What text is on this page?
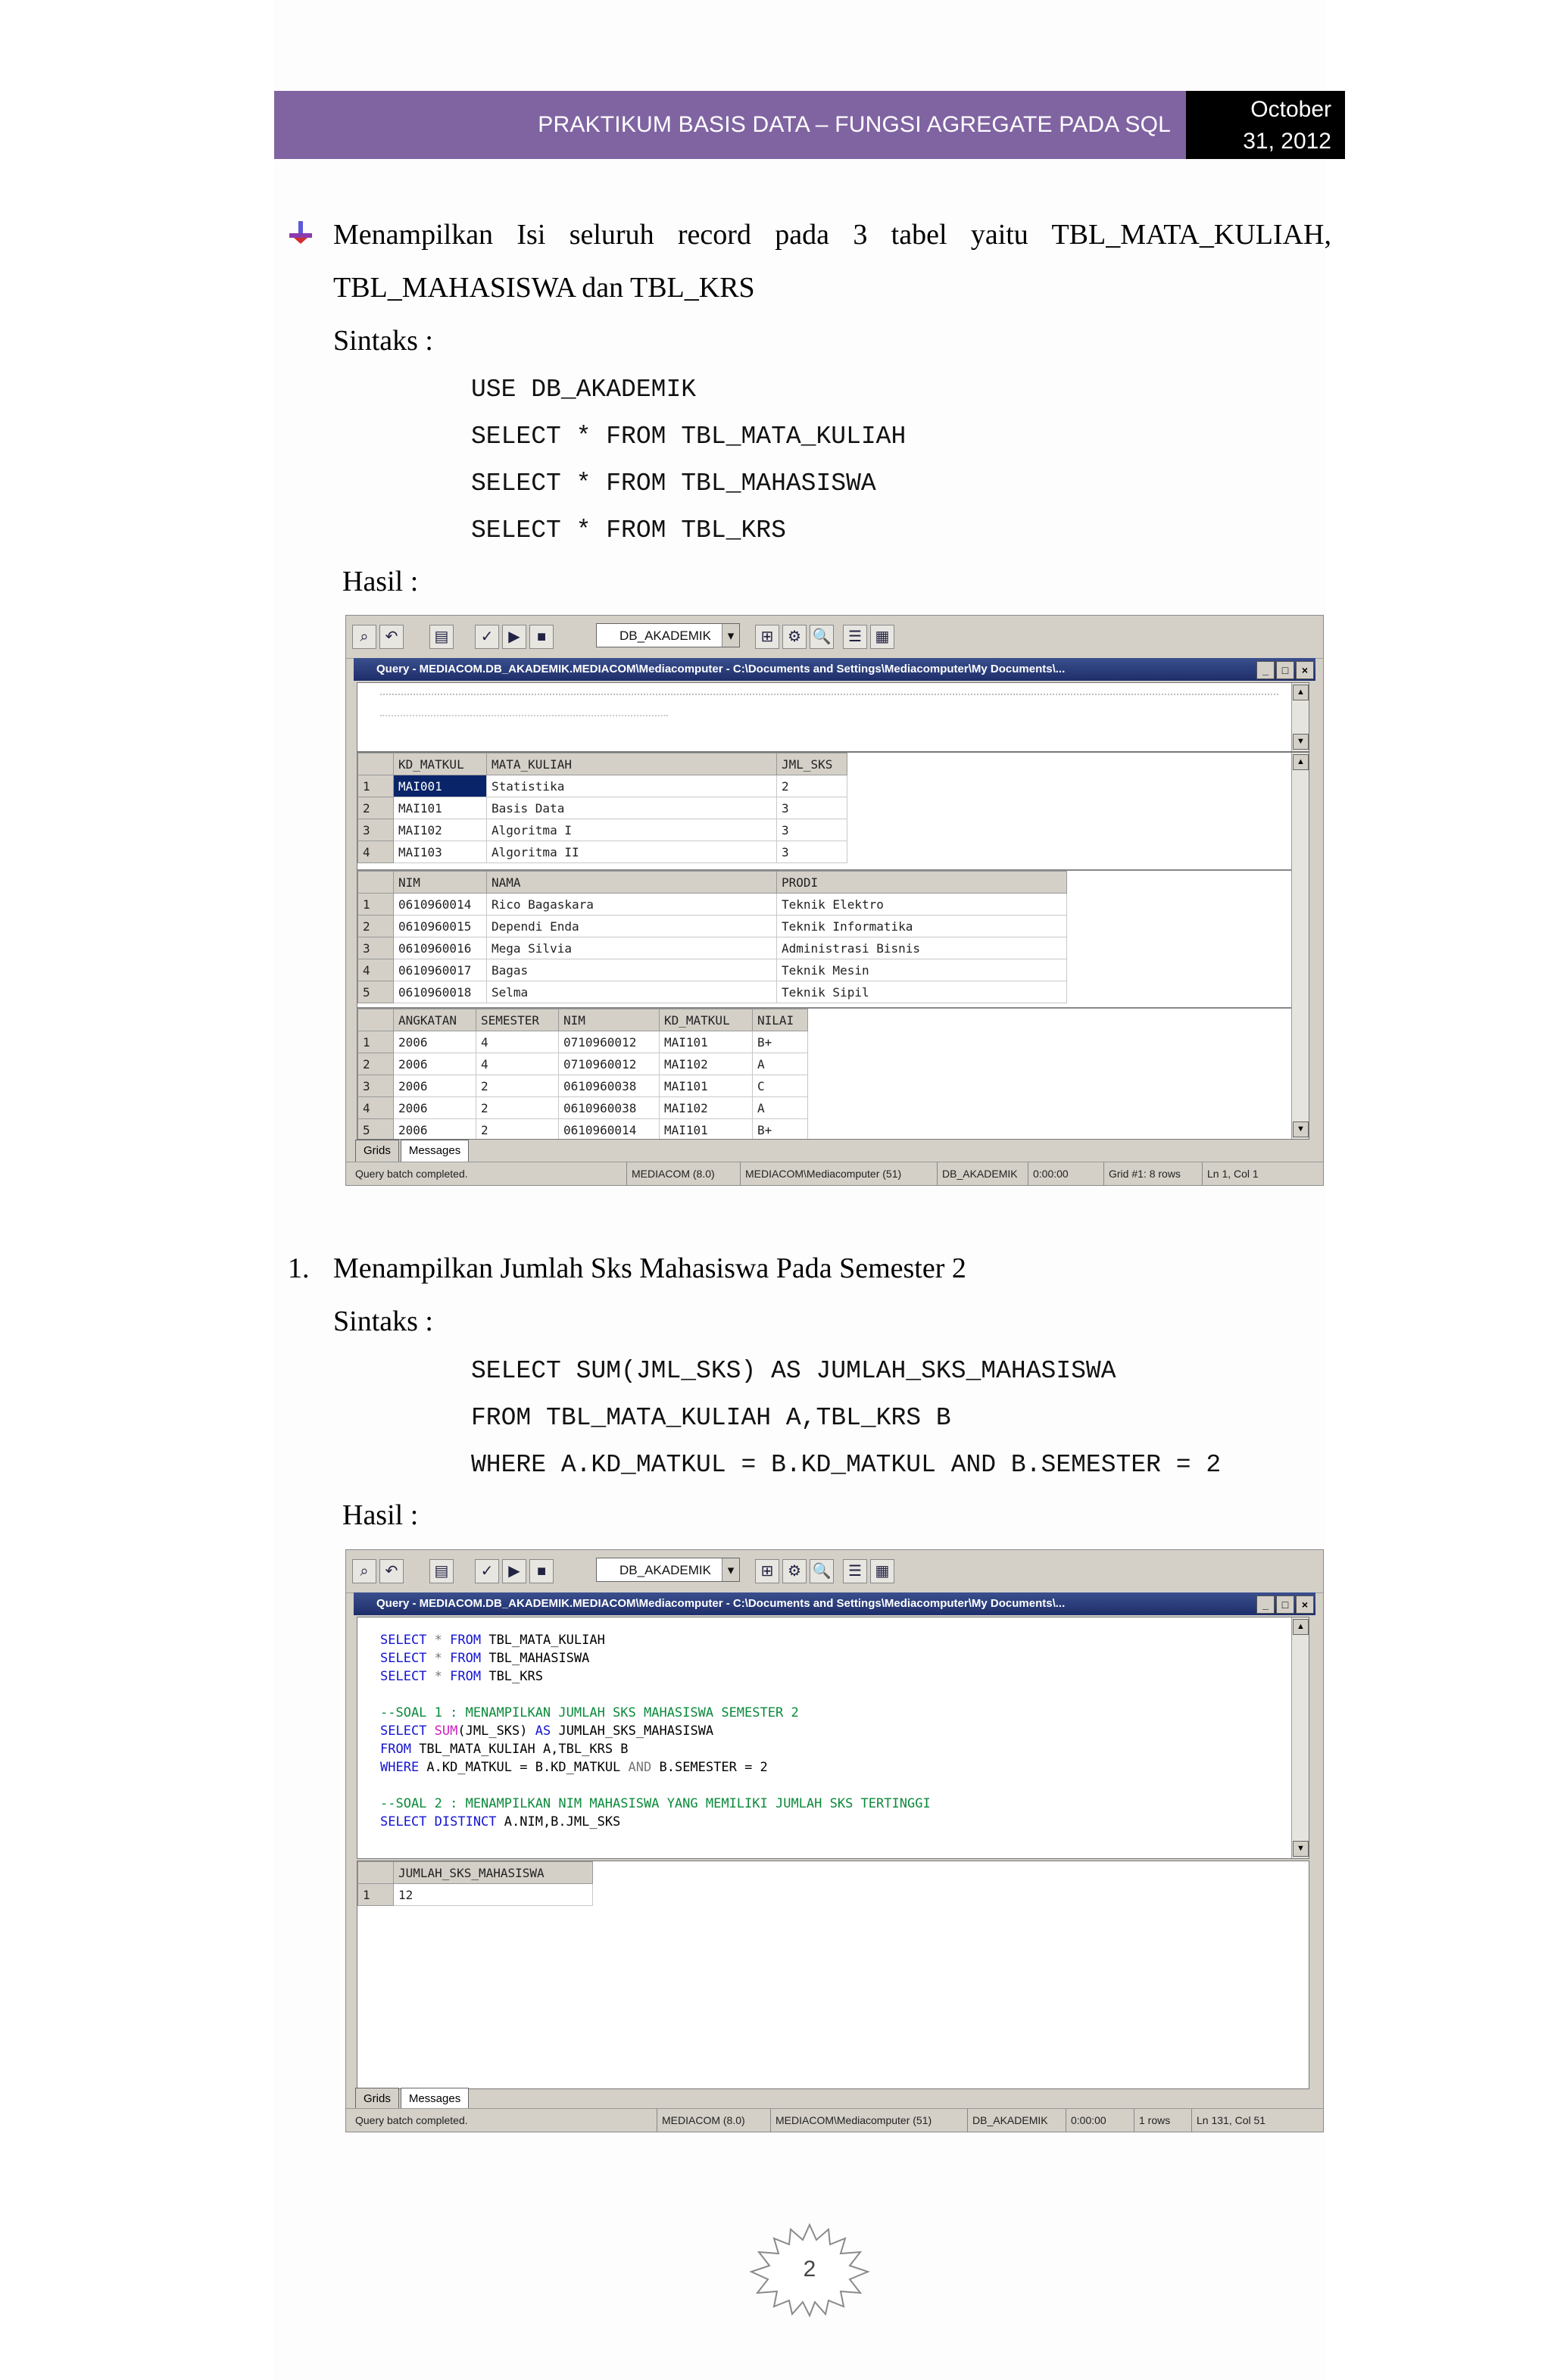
PRAKTIKUM BASIS DATA – FUNGSI AGREGATE PADA SQL
October
31, 2012
Menampilkan Isi seluruh record pada 3 tabel yaitu TBL_MATA_KULIAH,
TBL_MAHASISWA dan TBL_KRS
Sintaks :
USE DB_AKADEMIK
SELECT * FROM TBL_MATA_KULIAH
SELECT * FROM TBL_MAHASISWA
SELECT * FROM TBL_KRS
Hasil :
⌕	↶	▤	✓ ▶	■	DB_AKADEMIK ▾	⊞ ⚙ 🔍	☰ ▦
Query - MEDIACOM.DB_AKADEMIK.MEDIACOM\Mediacomputer - C:\Documents and Settings\Mediacomputer\My Documents\...	_	□	×
▲
▼
	KD_MATKUL	MATA_KULIAH	JML_SKS
1	MAI001	Statistika	2
2	MAI101	Basis Data	3
3	MAI102	Algoritma I	3
4	MAI103	Algoritma II	3
	NIM	NAMA	PRODI
1	0610960014	Rico Bagaskara	Teknik Elektro
2	0610960015	Dependi Enda	Teknik Informatika
3	0610960016	Mega Silvia	Administrasi Bisnis
4	0610960017	Bagas	Teknik Mesin
5	0610960018	Selma	Teknik Sipil
	ANGKATAN	SEMESTER	NIM	KD_MATKUL	NILAI
1	2006	4	0710960012	MAI101	B+
2	2006	4	0710960012	MAI102	A
3	2006	2	0610960038	MAI101	C
4	2006	2	0610960038	MAI102	A
5	2006	2	0610960014	MAI101	B+
▲
▼
Grids Messages
Query batch completed.	MEDIACOM (8.0)	MEDIACOM\Mediacomputer (51)	DB_AKADEMIK	0:00:00	Grid #1: 8 rows	Ln 1, Col 1
1. Menampilkan Jumlah Sks Mahasiswa Pada Semester 2
Sintaks :
SELECT SUM(JML_SKS) AS JUMLAH_SKS_MAHASISWA
FROM TBL_MATA_KULIAH A,TBL_KRS B
WHERE A.KD_MATKUL = B.KD_MATKUL AND B.SEMESTER = 2
Hasil :
⌕	↶	▤	✓ ▶	■	DB_AKADEMIK ▾	⊞ ⚙ 🔍	☰ ▦
Query - MEDIACOM.DB_AKADEMIK.MEDIACOM\Mediacomputer - C:\Documents and Settings\Mediacomputer\My Documents\...	_	□	×
SELECT * FROM TBL_MATA_KULIAH
SELECT * FROM TBL_MAHASISWA
SELECT * FROM TBL_KRS
--SOAL 1 : MENAMPILKAN JUMLAH SKS MAHASISWA SEMESTER 2
SELECT SUM(JML_SKS) AS JUMLAH_SKS_MAHASISWA
FROM TBL_MATA_KULIAH A,TBL_KRS B
WHERE A.KD_MATKUL = B.KD_MATKUL AND B.SEMESTER = 2
--SOAL 2 : MENAMPILKAN NIM MAHASISWA YANG MEMILIKI JUMLAH SKS TERTINGGI
SELECT DISTINCT A.NIM,B.JML_SKS
▲
▼
	JUMLAH_SKS_MAHASISWA
1	12
Grids Messages
Query batch completed.	MEDIACOM (8.0)	MEDIACOM\Mediacomputer (51)	DB_AKADEMIK	0:00:00	1 rows	Ln 131, Col 51
2
